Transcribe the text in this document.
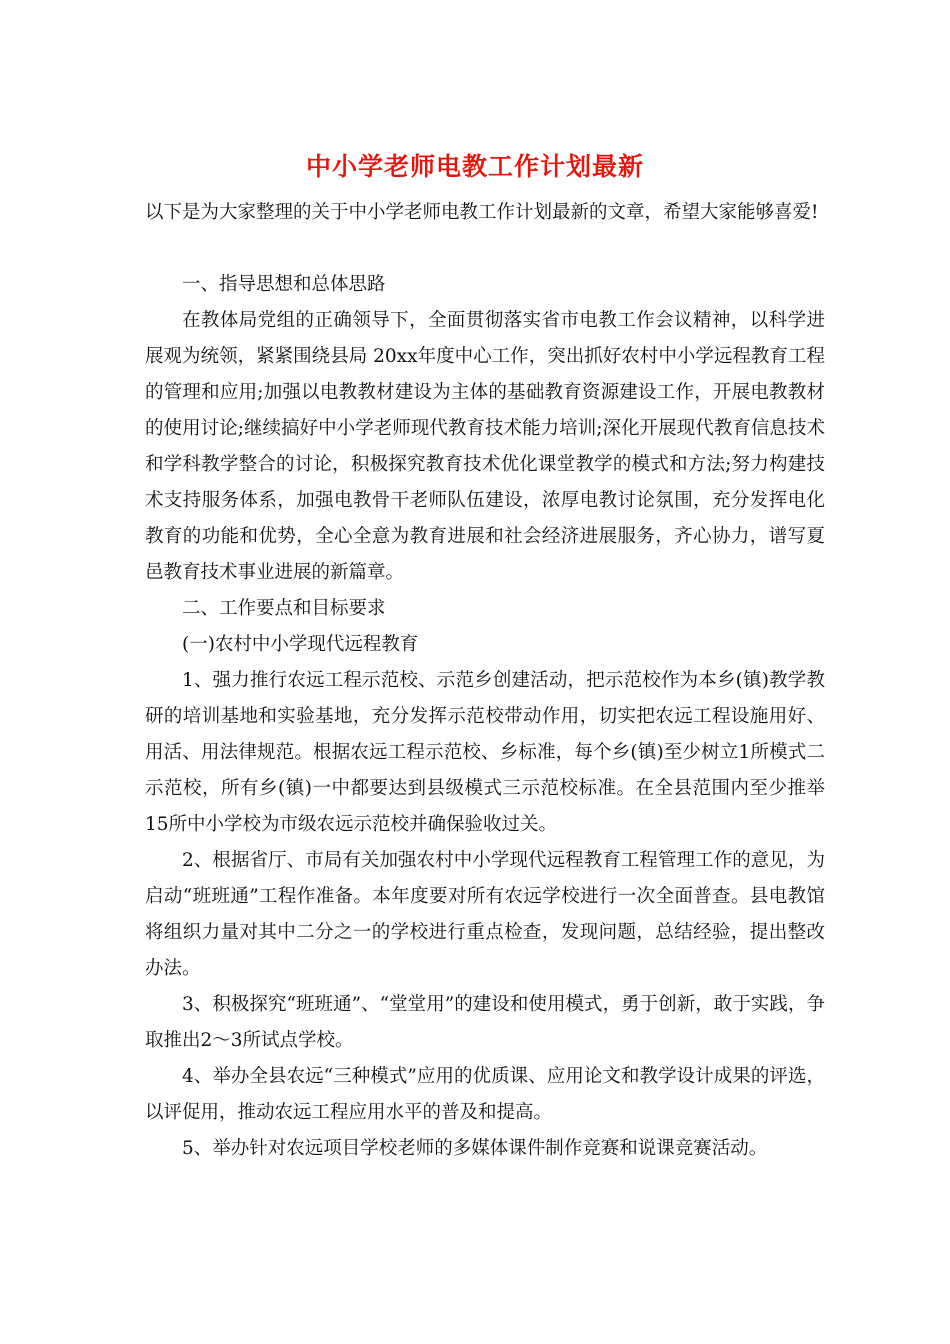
中小学老师电教工作计划最新

以下是为大家整理的关于中小学老师电教工作计划最新的文章，希望大家能够喜爱!

一、指导思想和总体思路

在教体局党组的正确领导下，全面贯彻落实省市电教工作会议精神，以科学进展观为统领，紧紧围绕县局 20xx年度中心工作，突出抓好农村中小学远程教育工程的管理和应用;加强以电教教材建设为主体的基础教育资源建设工作，开展电教教材的使用讨论;继续搞好中小学老师现代教育技术能力培训;深化开展现代教育信息技术和学科教学整合的讨论，积极探究教育技术优化课堂教学的模式和方法;努力构建技术支持服务体系，加强电教骨干老师队伍建设，浓厚电教讨论氛围，充分发挥电化教育的功能和优势，全心全意为教育进展和社会经济进展服务，齐心协力，谱写夏邑教育技术事业进展的新篇章。

二、工作要点和目标要求

(一)农村中小学现代远程教育

1、强力推行农远工程示范校、示范乡创建活动，把示范校作为本乡(镇)教学教研的培训基地和实验基地，充分发挥示范校带动作用，切实把农远工程设施用好、用活、用法律规范。根据农远工程示范校、乡标准，每个乡(镇)至少树立1所模式二示范校，所有乡(镇)一中都要达到县级模式三示范校标准。在全县范围内至少推举15所中小学校为市级农远示范校并确保验收过关。

2、根据省厅、市局有关加强农村中小学现代远程教育工程管理工作的意见，为启动“班班通”工程作准备。本年度要对所有农远学校进行一次全面普查。县电教馆将组织力量对其中二分之一的学校进行重点检查，发现问题，总结经验，提出整改办法。

3、积极探究“班班通”、“堂堂用”的建设和使用模式，勇于创新，敢于实践，争取推出2～3所试点学校。

4、举办全县农远“三种模式”应用的优质课、应用论文和教学设计成果的评选，以评促用，推动农远工程应用水平的普及和提高。

5、举办针对农远项目学校老师的多媒体课件制作竞赛和说课竞赛活动。
